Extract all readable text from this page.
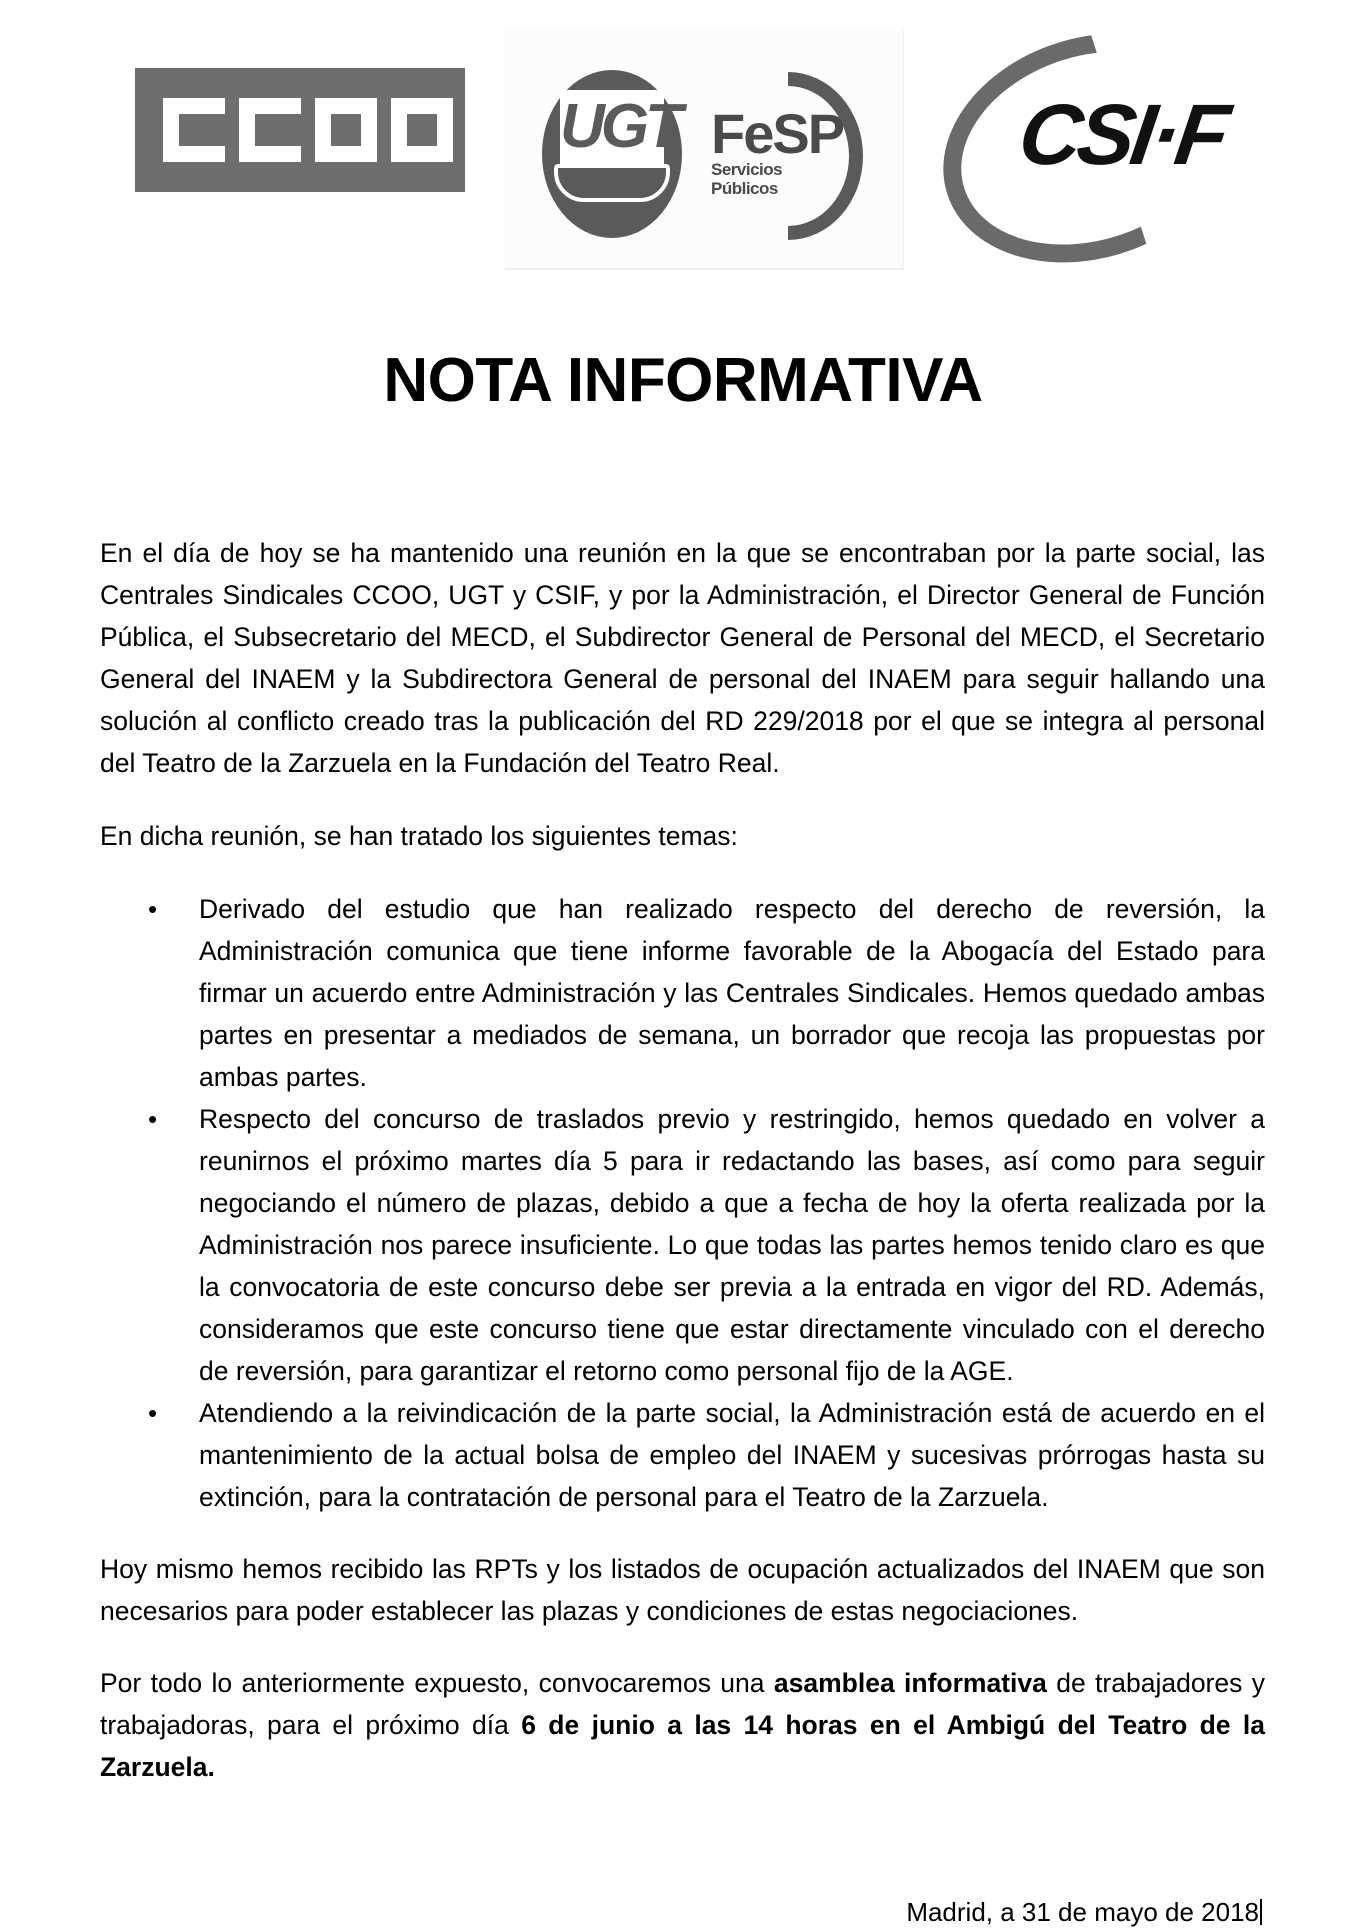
UGT FeSP
Servicios
Públicos
CSI·F
NOTA INFORMATIVA

En el día de hoy se ha mantenido una reunión en la que se encontraban por la parte social, las Centrales Sindicales CCOO, UGT y CSIF, y por la Administración, el Director General de Función Pública, el Subsecretario del MECD, el Subdirector General de Personal del MECD, el Secretario General del INAEM y la Subdirectora General de personal del INAEM para seguir hallando una solución al conflicto creado tras la publicación del RD 229/2018 por el que se integra al personal del Teatro de la Zarzuela en la Fundación del Teatro Real.

En dicha reunión, se han tratado los siguientes temas:

• Derivado del estudio que han realizado respecto del derecho de reversión, la Administración comunica que tiene informe favorable de la Abogacía del Estado para firmar un acuerdo entre Administración y las Centrales Sindicales. Hemos quedado ambas partes en presentar a mediados de semana, un borrador que recoja las propuestas por ambas partes.
• Respecto del concurso de traslados previo y restringido, hemos quedado en volver a reunirnos el próximo martes día 5 para ir redactando las bases, así como para seguir negociando el número de plazas, debido a que a fecha de hoy la oferta realizada por la Administración nos parece insuficiente. Lo que todas las partes hemos tenido claro es que la convocatoria de este concurso debe ser previa a la entrada en vigor del RD. Además, consideramos que este concurso tiene que estar directamente vinculado con el derecho de reversión, para garantizar el retorno como personal fijo de la AGE.
• Atendiendo a la reivindicación de la parte social, la Administración está de acuerdo en el mantenimiento de la actual bolsa de empleo del INAEM y sucesivas prórrogas hasta su extinción, para la contratación de personal para el Teatro de la Zarzuela.

Hoy mismo hemos recibido las RPTs y los listados de ocupación actualizados del INAEM que son necesarios para poder establecer las plazas y condiciones de estas negociaciones.

Por todo lo anteriormente expuesto, convocaremos una asamblea informativa de trabajadores y trabajadoras, para el próximo día 6 de junio a las 14 horas en el Ambigú del Teatro de la Zarzuela.

Madrid, a 31 de mayo de 2018
